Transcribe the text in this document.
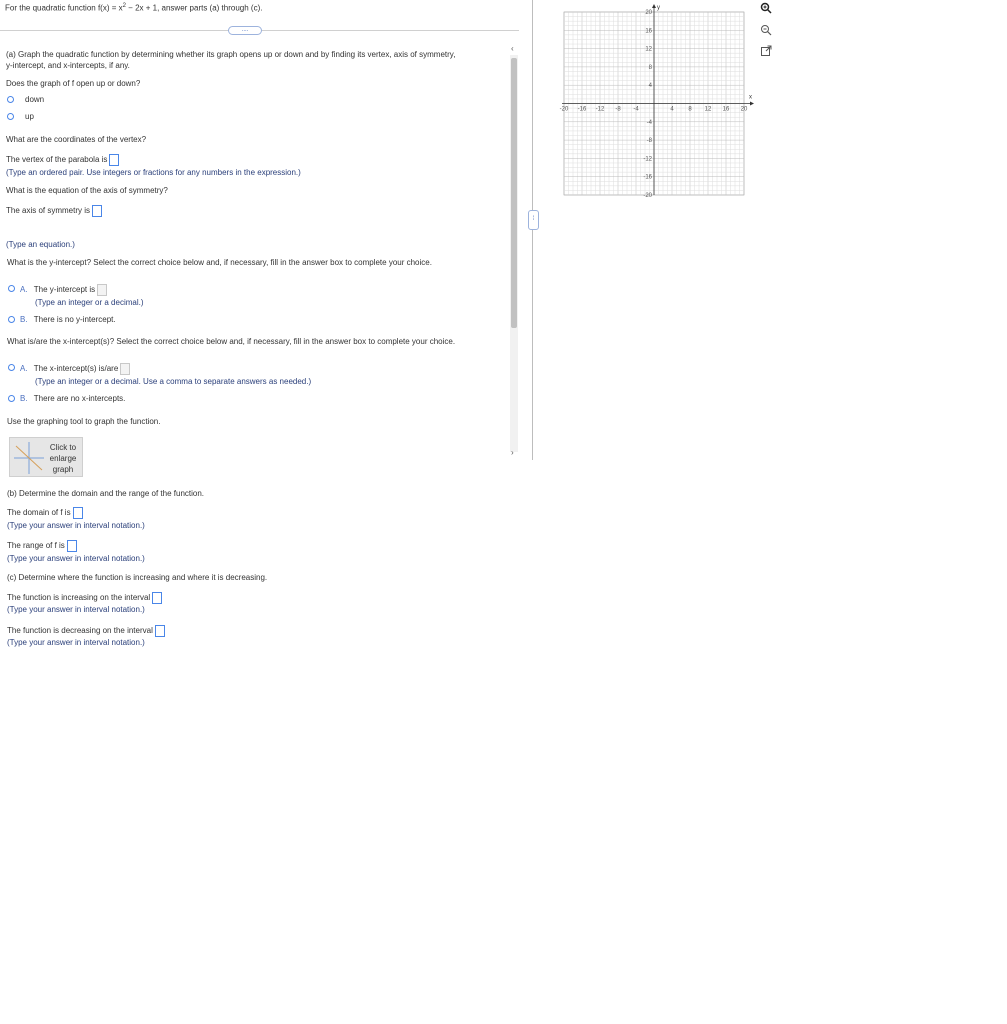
For the quadratic function $f(x) = x^2 - 2x + 1$, answer parts (a) through (c).
....
(a) Graph the quadratic function by determining whether its graph opens up or down and by finding its vertex, axis of symmetry,
y-intercept, and x-intercepts, if any.
Does the graph of f open up or down?
down
up
What are the coordinates of the vertex?
The vertex of the parabola is
(Type an ordered pair. Use integers or fractions for any numbers in the expression.)
What is the equation of the axis of symmetry?
The axis of symmetry is
(Type an equation.)
What is the y-intercept? Select the correct choice below and, if necessary, fill in the answer box to complete your choice.
A. The y-intercept is
(Type an integer or a decimal.)
B. There is no y-intercept.
What is/are the x-intercept(s)? Select the correct choice below and, if necessary, fill in the answer box to complete your choice.
A. The x-intercept(s) is/are
(Type an integer or a decimal. Use a comma to separate answers as needed.)
B. There are no x-intercepts.
Use the graphing tool to graph the function.
Click to enlarge graph
(b) Determine the domain and the range of the function.
The domain of f is
(Type your answer in interval notation.)
The range of f is
(Type your answer in interval notation.)
(c) Determine where the function is increasing and where it is decreasing.
The function is increasing on the interval
(Type your answer in interval notation.)
The function is decreasing on the interval
(Type your answer in interval notation.)
‹
›
⁞
x
y
-20 -16 -12 -8 -4	4 8 12 16 20
20
16
12
8
4
-4
-8
-12
-16
-20
